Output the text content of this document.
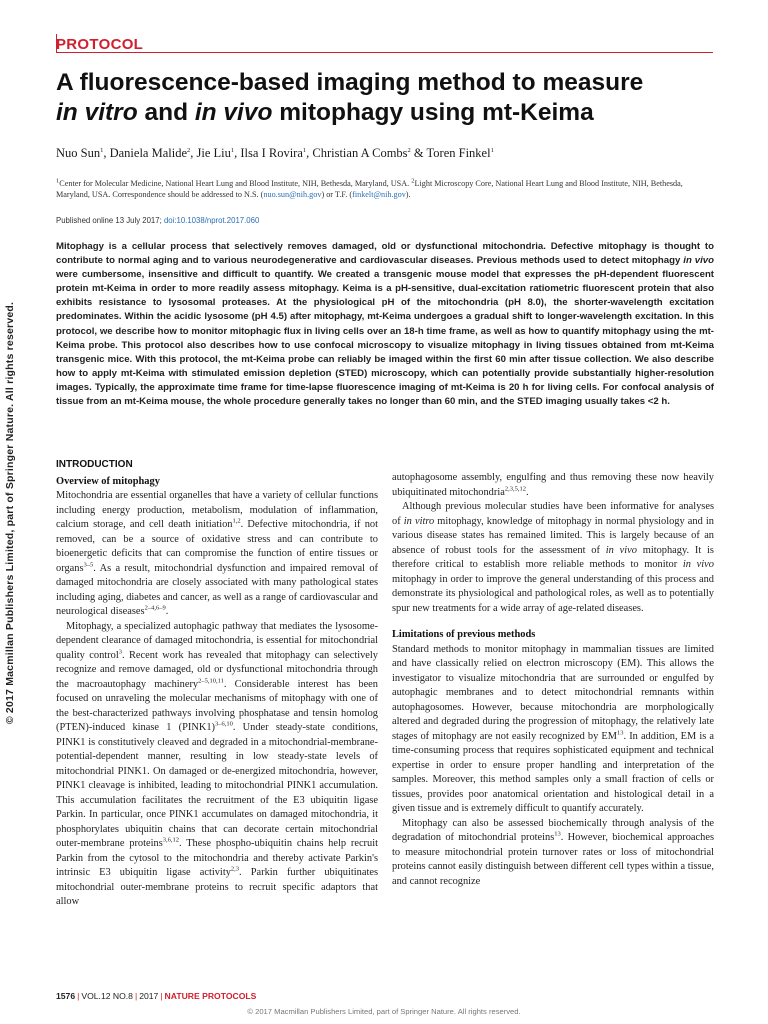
PROTOCOL
A fluorescence-based imaging method to measure
in vitro and in vivo mitophagy using mt-Keima
Nuo Sun$^1$, Daniela Malide$^2$, Jie Liu$^1$, Ilsa I Rovira$^1$, Christian A Combs$^2$ & Toren Finkel$^1$
$^1$Center for Molecular Medicine, National Heart Lung and Blood Institute, NIH, Bethesda, Maryland, USA. $^2$Light Microscopy Core, National Heart Lung and Blood Institute, NIH, Bethesda, Maryland, USA. Correspondence should be addressed to N.S. (nuo.sun@nih.gov) or T.F. (finkelt@nih.gov).
Published online 13 July 2017; doi:10.1038/nprot.2017.060
Mitophagy is a cellular process that selectively removes damaged, old or dysfunctional mitochondria. Defective mitophagy is thought to contribute to normal aging and to various neurodegenerative and cardiovascular diseases. Previous methods used to detect mitophagy in vivo were cumbersome, insensitive and difficult to quantify. We created a transgenic mouse model that expresses the pH-dependent fluorescent protein mt-Keima in order to more readily assess mitophagy. Keima is a pH-sensitive, dual-excitation ratiometric fluorescent protein that also exhibits resistance to lysosomal proteases. At the physiological pH of the mitochondria (pH 8.0), the shorter-wavelength excitation predominates. Within the acidic lysosome (pH 4.5) after mitophagy, mt-Keima undergoes a gradual shift to longer-wavelength excitation. In this protocol, we describe how to monitor mitophagic flux in living cells over an 18-h time frame, as well as how to quantify mitophagy using the mt-Keima probe. This protocol also describes how to use confocal microscopy to visualize mitophagy in living tissues obtained from mt-Keima transgenic mice. With this protocol, the mt-Keima probe can reliably be imaged within the first 60 min after tissue collection. We also describe how to apply mt-Keima with stimulated emission depletion (STED) microscopy, which can potentially provide substantially higher-resolution images. Typically, the approximate time frame for time-lapse fluorescence imaging of mt-Keima is 20 h for living cells. For confocal analysis of tissue from an mt-Keima mouse, the whole procedure generally takes no longer than 60 min, and the STED imaging usually takes <2 h.
© 2017 Macmillan Publishers Limited, part of Springer Nature. All rights reserved.	INTRODUCTION
Overview of mitophagy

Mitochondria are essential organelles that have a variety of cellular functions including energy production, metabolism, modulation of inflammation, calcium storage, and cell death initiation$^{1,2}$. Defective mitochondria, if not removed, can be a source of oxidative stress and can contribute to bioenergetic deficits that can compromise the function of entire tissues or organs$^{3-5}$. As a result, mitochondrial dysfunction and impaired removal of damaged mitochondria are closely associated with many pathological states including aging, diabetes and cancer, as well as a range of cardiovascular and neurological diseases$^{2-4,6-9}$.

Mitophagy, a specialized autophagic pathway that mediates the lysosome-dependent clearance of damaged mitochondria, is essential for mitochondrial quality control$^3$. Recent work has revealed that mitophagy can selectively recognize and remove damaged, old or dysfunctional mitochondria through the macroautophagy machinery$^{2-5,10,11}$. Considerable interest has been focused on unraveling the molecular mechanisms of mitophagy with one of the best-characterized pathways involving phosphatase and tensin homolog (PTEN)-induced kinase 1 (PINK1)$^{3-6,10}$. Under steady-state conditions, PINK1 is constitutively cleaved and degraded in a mitochondrial-membrane-potential-dependent manner, resulting in low steady-state levels of mitochondrial PINK1. On damaged or de-energized mitochondria, however, PINK1 cleavage is inhibited, leading to mitochondrial PINK1 accumulation. This accumulation facilitates the recruitment of the E3 ubiquitin ligase Parkin. In particular, once PINK1 accumulates on damaged mitochondria, it phosphorylates ubiquitin chains that can decorate certain mitochondrial outer-membrane proteins$^{3,6,12}$. These phospho-ubiquitin chains help recruit Parkin from the cytosol to the mitochondria and thereby activate Parkin's intrinsic E3 ubiquitin ligase activity$^{2,3}$. Parkin further ubiquitinates mitochondrial outer-membrane proteins to recruit specific adaptors that allow

autophagosome assembly, engulfing and thus removing these now heavily ubiquitinated mitochondria$^{2,3,5,12}$.

Although previous molecular studies have been informative for analyses of in vitro mitophagy, knowledge of mitophagy in normal physiology and in various disease states has remained limited. This is largely because of an absence of robust tools for the assessment of in vivo mitophagy. It is therefore critical to establish more reliable methods to monitor in vivo mitophagy in order to improve the general understanding of this process and demonstrate its physiological and pathological roles, as well as to potentially spur new treatments for a wide array of age-related diseases.

Limitations of previous methods

Standard methods to monitor mitophagy in mammalian tissues are limited and have classically relied on electron microscopy (EM). This allows the investigator to visualize mitochondria that are surrounded or engulfed by autophagic membranes and to detect mitochondrial remnants within autophagosomes. However, because mitochondria are morphologically altered and degraded during the progression of mitophagy, the relatively late stages of mitophagy are not easily recognized by EM$^{13}$. In addition, EM is a time-consuming process that requires sophisticated equipment and technical expertise in order to ensure proper handling and interpretation of the samples. Moreover, this method samples only a small fraction of cells or tissues, provides poor anatomical orientation and histological detail in a given tissue and is extremely difficult to quantify accurately.

Mitophagy can also be assessed biochemically through analysis of the degradation of mitochondrial proteins$^{13}$. However, biochemical approaches to measure mitochondrial protein turnover rates or loss of mitochondrial proteins cannot easily distinguish between different cell types within a tissue, and cannot recognize

1576 | VOL.12 NO.8 | 2017 | NATURE PROTOCOLS
© 2017 Macmillan Publishers Limited, part of Springer Nature. All rights reserved.
